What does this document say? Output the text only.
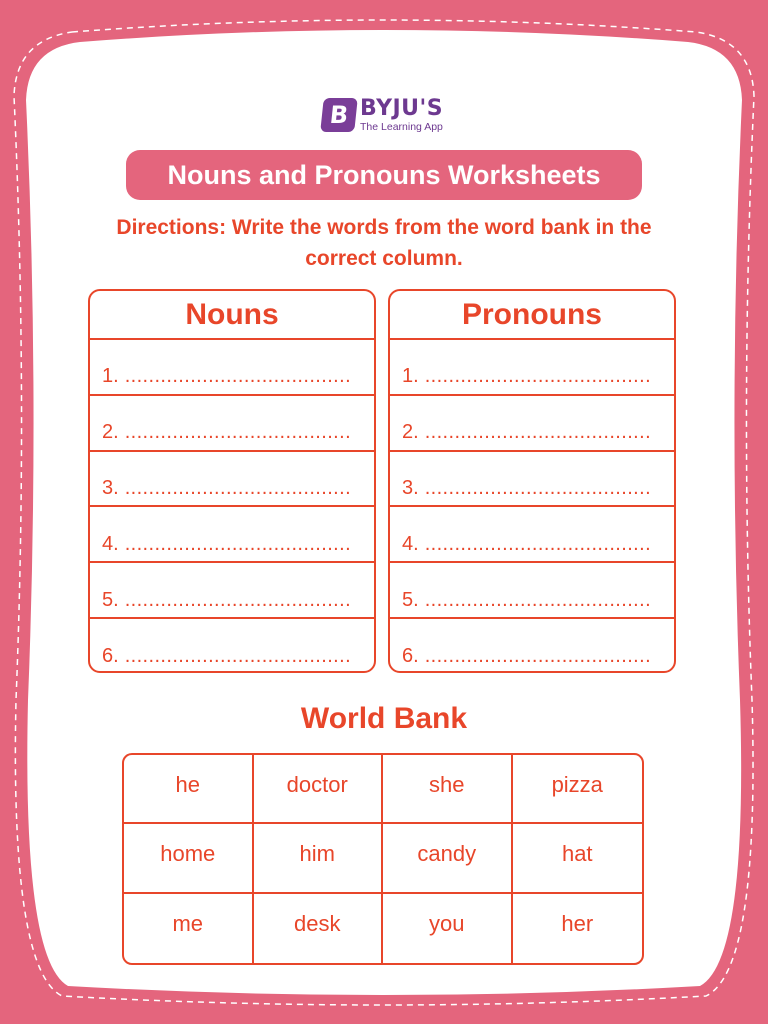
B BYJU'S
The Learning App
Nouns and Pronouns Worksheets
Directions: Write the words from the word bank in the correct column.
Nouns
1. ......................................
2. ......................................
3. ......................................
4. ......................................
5. ......................................
6. ......................................
Pronouns
1. ......................................
2. ......................................
3. ......................................
4. ......................................
5. ......................................
6. ......................................
World Bank
he	doctor	she	pizza
home	him	candy	hat
me	desk	you	her
